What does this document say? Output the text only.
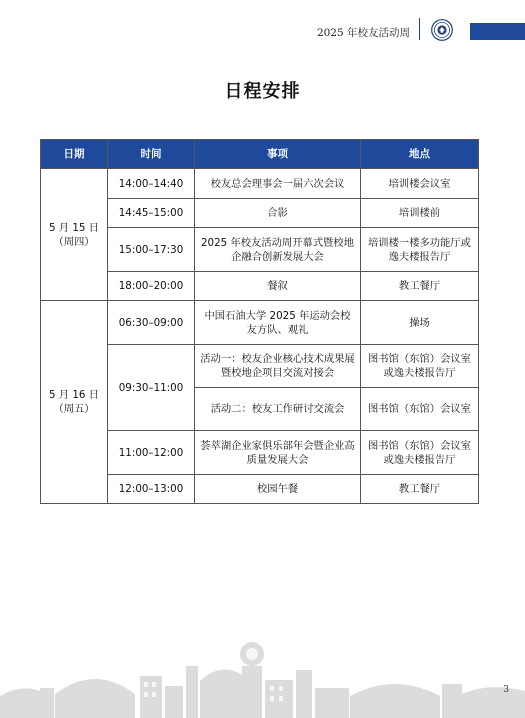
2025 年校友活动周
日程安排
日期	时间	事项	地点

5 月 15 日
（周四）	14:00–14:40	校友总会理事会一届六次会议	培训楼会议室
	14:45–15:00	合影	培训楼前
	15:00–17:30	2025 年校友活动周开幕式暨校地企融合创新发展大会	培训楼一楼多功能厅或逸夫楼报告厅
	18:00–20:00	餐叙	教工餐厅

5 月 16 日
（周五）	06:30–09:00	中国石油大学 2025 年运动会校友方队、观礼	操场
	09:30–11:00	活动一：校友企业核心技术成果展暨校地企项目交流对接会	图书馆（东馆）会议室或逸夫楼报告厅
		活动二：校友工作研讨交流会	图书馆（东馆）会议室
	11:00–12:00	荟萃湖企业家俱乐部年会暨企业高质量发展大会	图书馆（东馆）会议室或逸夫楼报告厅
	12:00–13:00	校园午餐	教工餐厅
3
